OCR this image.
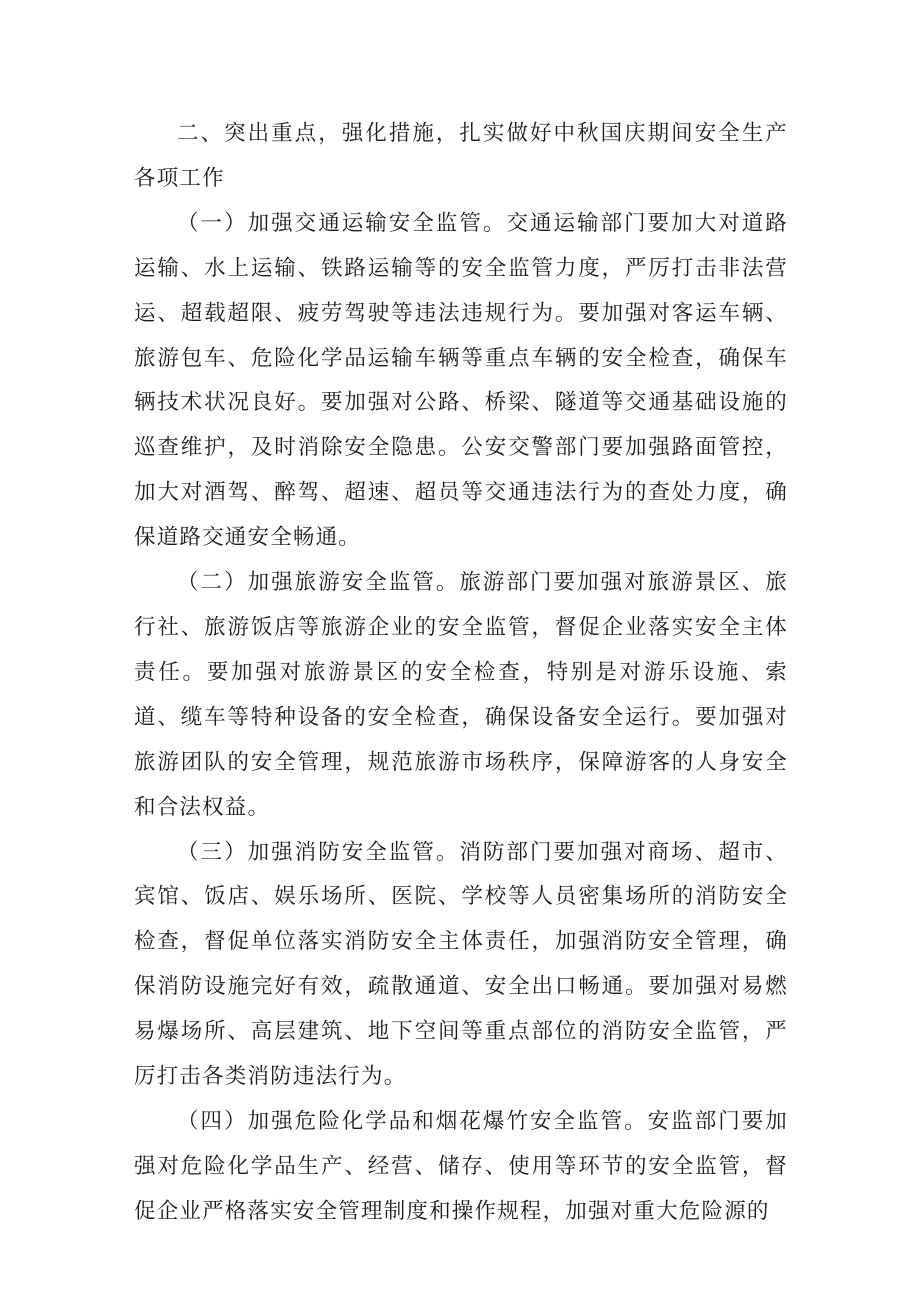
二、突出重点，强化措施，扎实做好中秋国庆期间安全生产各项工作

（一）加强交通运输安全监管。交通运输部门要加大对道路运输、水上运输、铁路运输等的安全监管力度，严厉打击非法营运、超载超限、疲劳驾驶等违法违规行为。要加强对客运车辆、旅游包车、危险化学品运输车辆等重点车辆的安全检查，确保车辆技术状况良好。要加强对公路、桥梁、隧道等交通基础设施的巡查维护，及时消除安全隐患。公安交警部门要加强路面管控，加大对酒驾、醉驾、超速、超员等交通违法行为的查处力度，确保道路交通安全畅通。

（二）加强旅游安全监管。旅游部门要加强对旅游景区、旅行社、旅游饭店等旅游企业的安全监管，督促企业落实安全主体责任。要加强对旅游景区的安全检查，特别是对游乐设施、索道、缆车等特种设备的安全检查，确保设备安全运行。要加强对旅游团队的安全管理，规范旅游市场秩序，保障游客的人身安全和合法权益。

（三）加强消防安全监管。消防部门要加强对商场、超市、宾馆、饭店、娱乐场所、医院、学校等人员密集场所的消防安全检查，督促单位落实消防安全主体责任，加强消防安全管理，确保消防设施完好有效，疏散通道、安全出口畅通。要加强对易燃易爆场所、高层建筑、地下空间等重点部位的消防安全监管，严厉打击各类消防违法行为。

（四）加强危险化学品和烟花爆竹安全监管。安监部门要加强对危险化学品生产、经营、储存、使用等环节的安全监管，督促企业严格落实安全管理制度和操作规程，加强对重大危险源的
